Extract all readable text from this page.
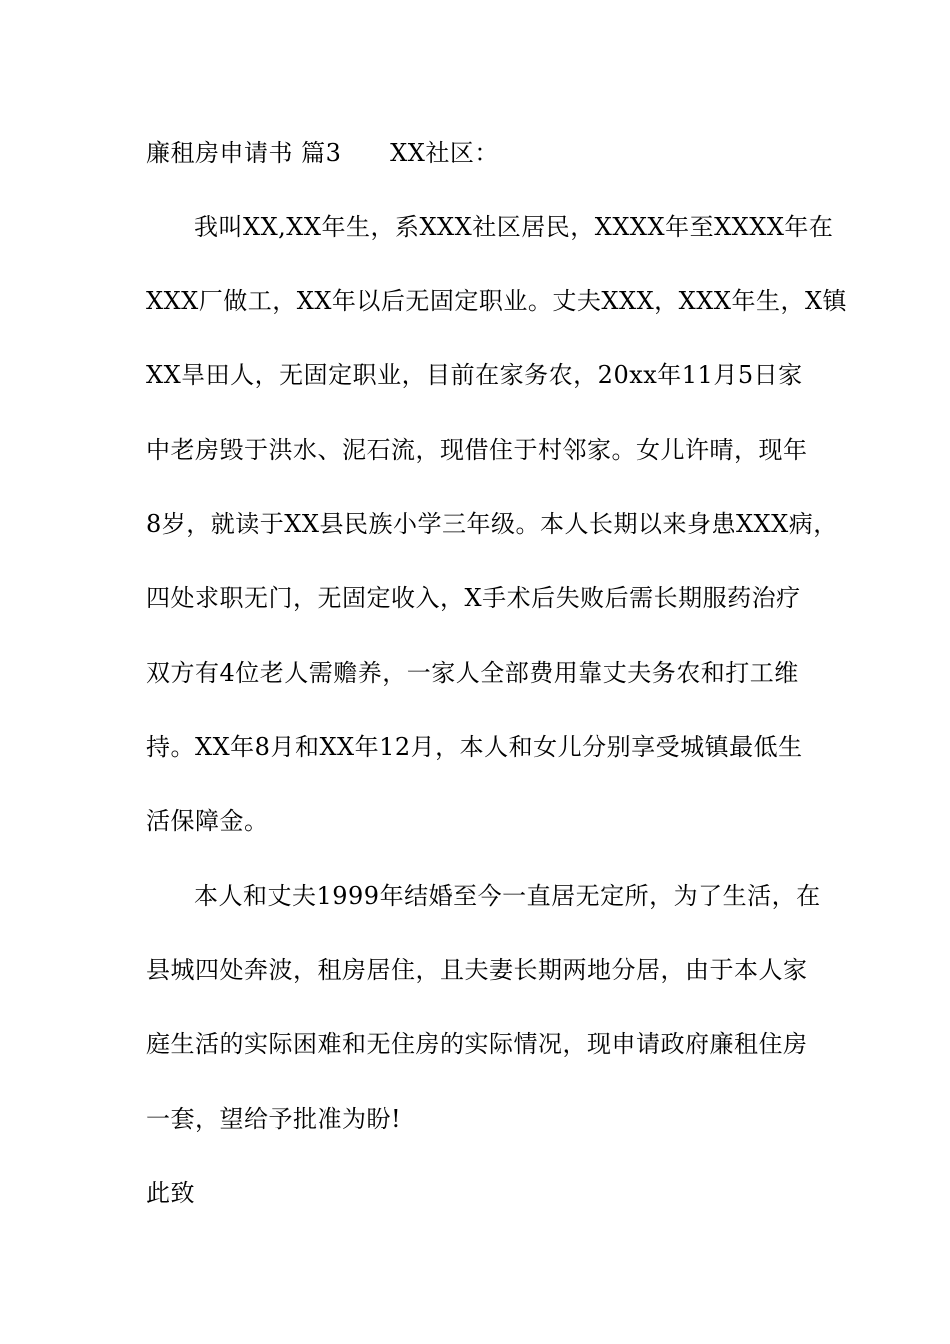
廉租房申请书 篇3      XX社区：
我叫XX,XX年生，系XXX社区居民，XXXX年至XXXX年在
XXX厂做工，XX年以后无固定职业。丈夫XXX，XXX年生，X镇
XX旱田人，无固定职业，目前在家务农，20xx年11月5日家
中老房毁于洪水、泥石流，现借住于村邻家。女儿许晴，现年
8岁，就读于XX县民族小学三年级。本人长期以来身患XXX病，
四处求职无门，无固定收入，X手术后失败后需长期服药治疗
双方有4位老人需赡养，一家人全部费用靠丈夫务农和打工维
持。XX年8月和XX年12月，本人和女儿分别享受城镇最低生
活保障金。
本人和丈夫1999年结婚至今一直居无定所，为了生活，在
县城四处奔波，租房居住，且夫妻长期两地分居，由于本人家
庭生活的实际困难和无住房的实际情况，现申请政府廉租住房
一套，望给予批准为盼!
此致
